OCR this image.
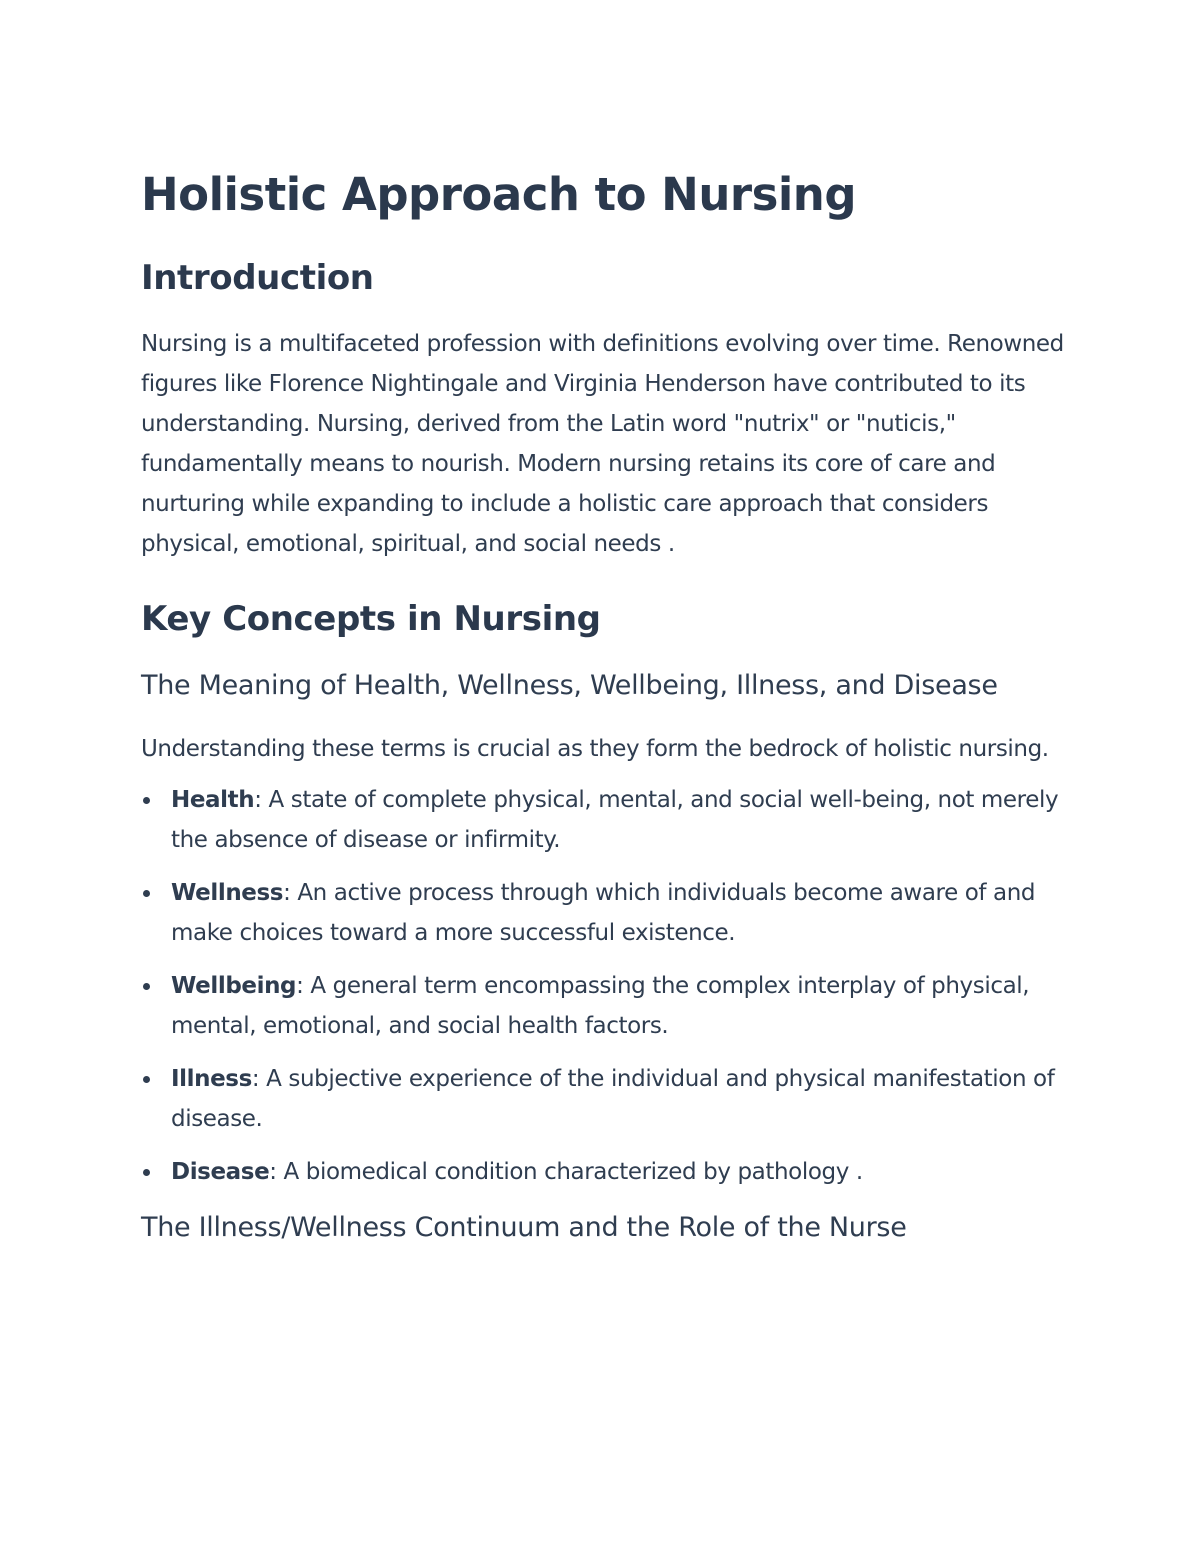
Holistic Approach to Nursing
Introduction

Nursing is a multifaceted profession with definitions evolving over time. Renowned figures like Florence Nightingale and Virginia Henderson have contributed to its understanding. Nursing, derived from the Latin word "nutrix" or "nuticis," fundamentally means to nourish. Modern nursing retains its core of care and nurturing while expanding to include a holistic care approach that considers physical, emotional, spiritual, and social needs .

Key Concepts in Nursing
The Meaning of Health, Wellness, Wellbeing, Illness, and Disease

Understanding these terms is crucial as they form the bedrock of holistic nursing.

Health: A state of complete physical, mental, and social well-being, not merely the absence of disease or infirmity.
Wellness: An active process through which individuals become aware of and make choices toward a more successful existence.
Wellbeing: A general term encompassing the complex interplay of physical, mental, emotional, and social health factors.
Illness: A subjective experience of the individual and physical manifestation of disease.
Disease: A biomedical condition characterized by pathology .
The Illness/Wellness Continuum and the Role of the Nurse
